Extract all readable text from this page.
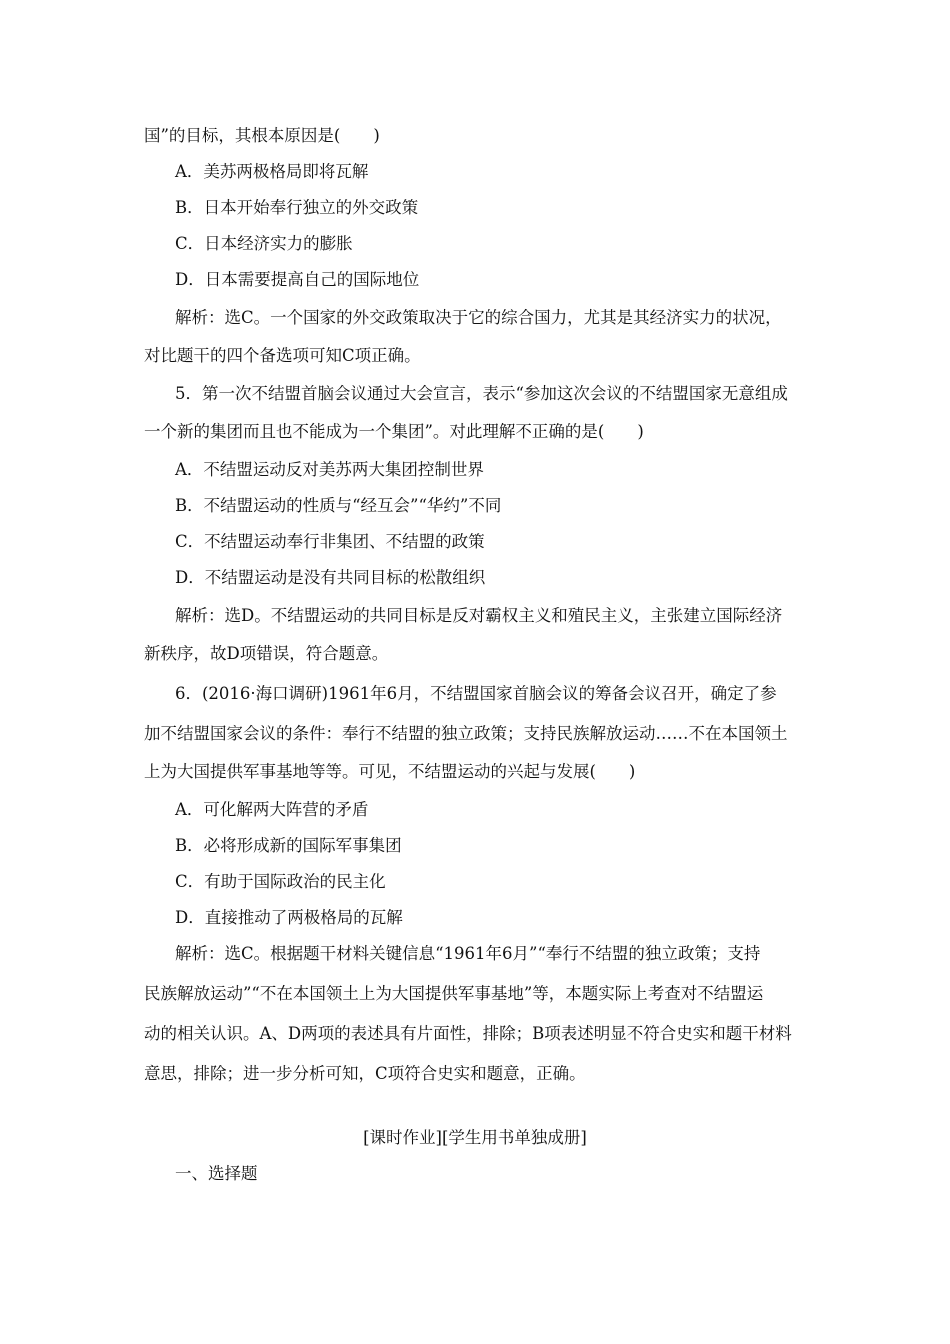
国”的目标，其根本原因是(　　)
A．美苏两极格局即将瓦解
B．日本开始奉行独立的外交政策
C．日本经济实力的膨胀
D．日本需要提高自己的国际地位
解析：选C。一个国家的外交政策取决于它的综合国力，尤其是其经济实力的状况，
对比题干的四个备选项可知C项正确。
5．第一次不结盟首脑会议通过大会宣言，表示“参加这次会议的不结盟国家无意组成
一个新的集团而且也不能成为一个集团”。对此理解不正确的是(　　)
A．不结盟运动反对美苏两大集团控制世界
B．不结盟运动的性质与“经互会”“华约”不同
C．不结盟运动奉行非集团、不结盟的政策
D．不结盟运动是没有共同目标的松散组织
解析：选D。不结盟运动的共同目标是反对霸权主义和殖民主义，主张建立国际经济
新秩序，故D项错误，符合题意。
6．(2016·海口调研)1961年6月，不结盟国家首脑会议的筹备会议召开，确定了参
加不结盟国家会议的条件：奉行不结盟的独立政策；支持民族解放运动……不在本国领土
上为大国提供军事基地等等。可见，不结盟运动的兴起与发展(　　)
A．可化解两大阵营的矛盾
B．必将形成新的国际军事集团
C．有助于国际政治的民主化
D．直接推动了两极格局的瓦解
解析：选C。根据题干材料关键信息“1961年6月”“奉行不结盟的独立政策；支持
民族解放运动”“不在本国领土上为大国提供军事基地”等，本题实际上考查对不结盟运
动的相关认识。A、D两项的表述具有片面性，排除；B项表述明显不符合史实和题干材料
意思，排除；进一步分析可知，C项符合史实和题意，正确。
[课时作业][学生用书单独成册]
一、选择题
